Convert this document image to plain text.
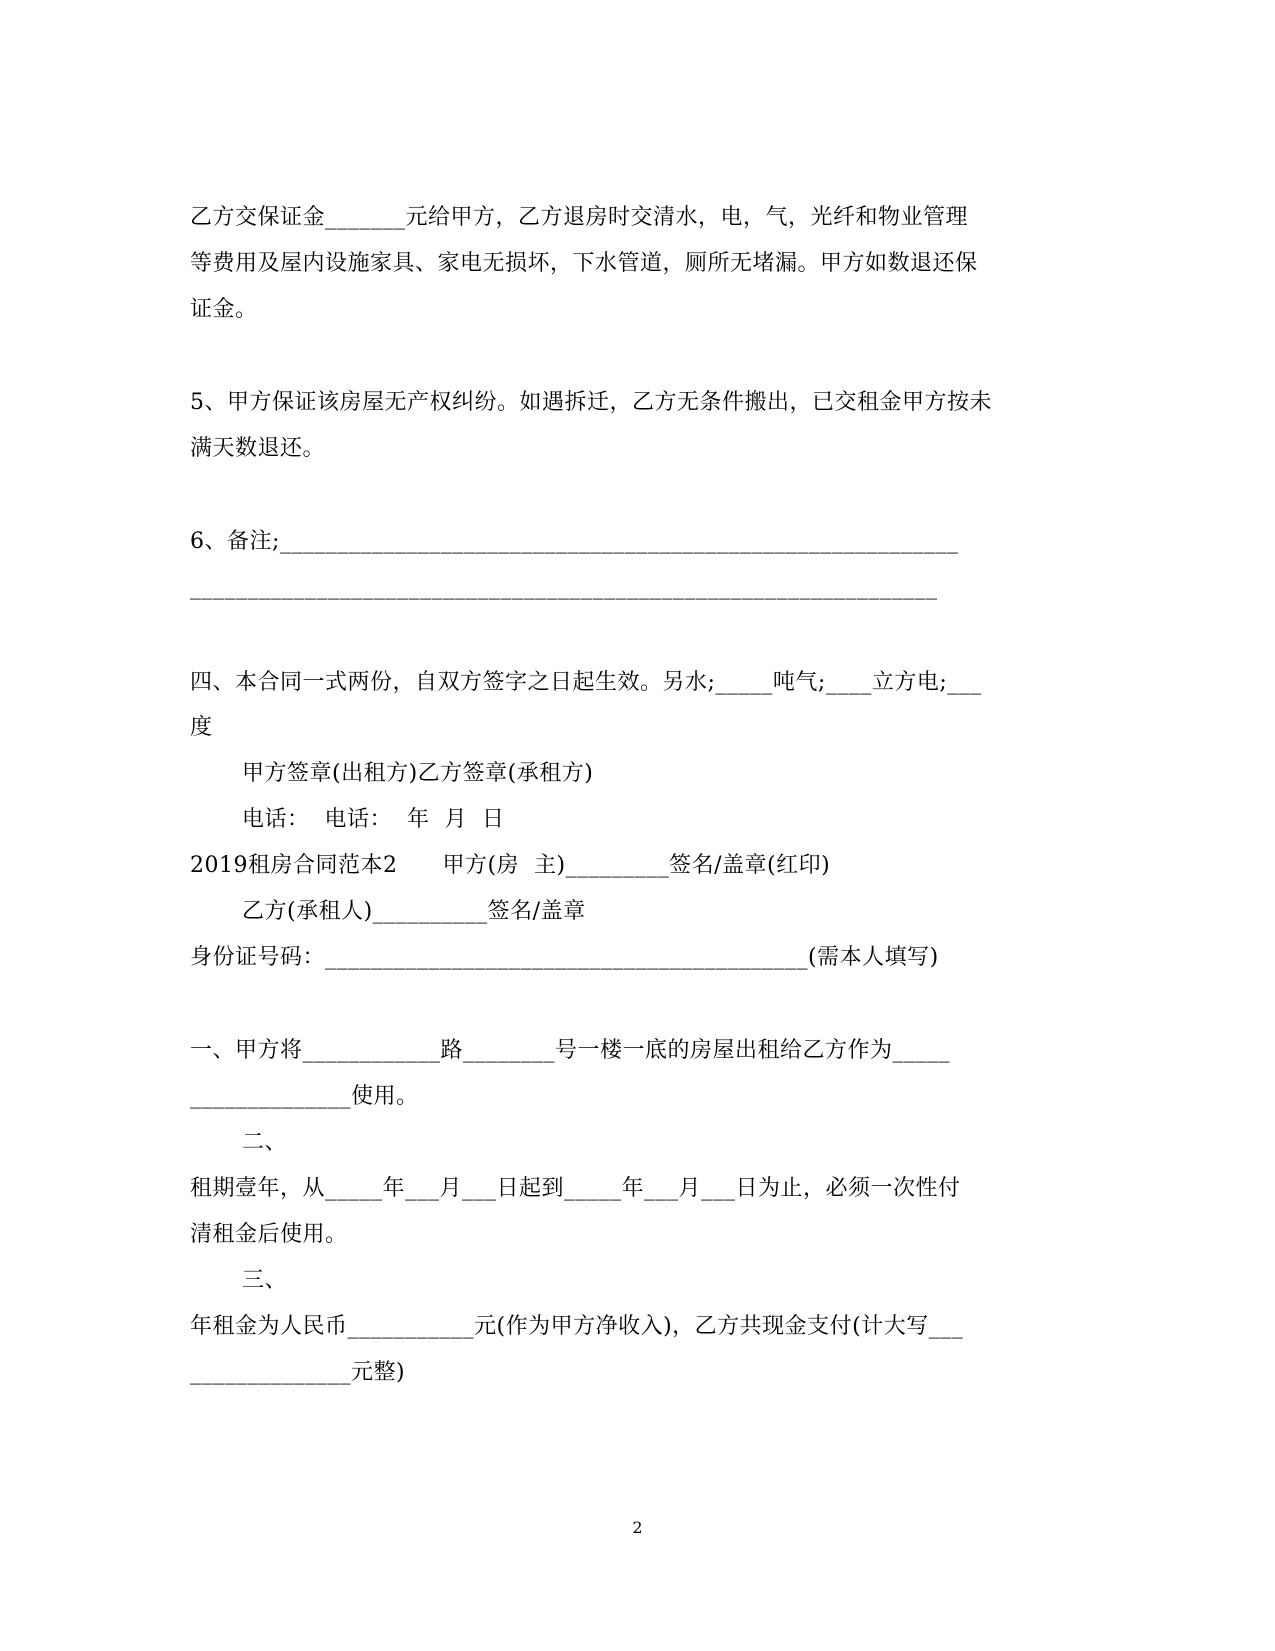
乙方交保证金_______元给甲方，乙方退房时交清水，电，气，光纤和物业管理
等费用及屋内设施家具、家电无损坏，下水管道，厕所无堵漏。甲方如数退还保
证金。
5、甲方保证该房屋无产权纠纷。如遇拆迁，乙方无条件搬出，已交租金甲方按未
满天数退还。
6、备注;___________________________________________________________
_________________________________________________________________
四、本合同一式两份，自双方签字之日起生效。另水;_____吨气;____立方电;___
度
甲方签章(出租方)乙方签章(承租方)
电话：  电话：  年  月  日
2019租房合同范本2      甲方(房  主)_________签名/盖章(红印)
乙方(承租人)__________签名/盖章
身份证号码：__________________________________________(需本人填写)
一、甲方将____________路________号一楼一底的房屋出租给乙方作为_____
______________使用。
二、
租期壹年，从_____年___月___日起到_____年___月___日为止，必须一次性付
清租金后使用。
三、
年租金为人民币___________元(作为甲方净收入)，乙方共现金支付(计大写___
______________元整)
2
